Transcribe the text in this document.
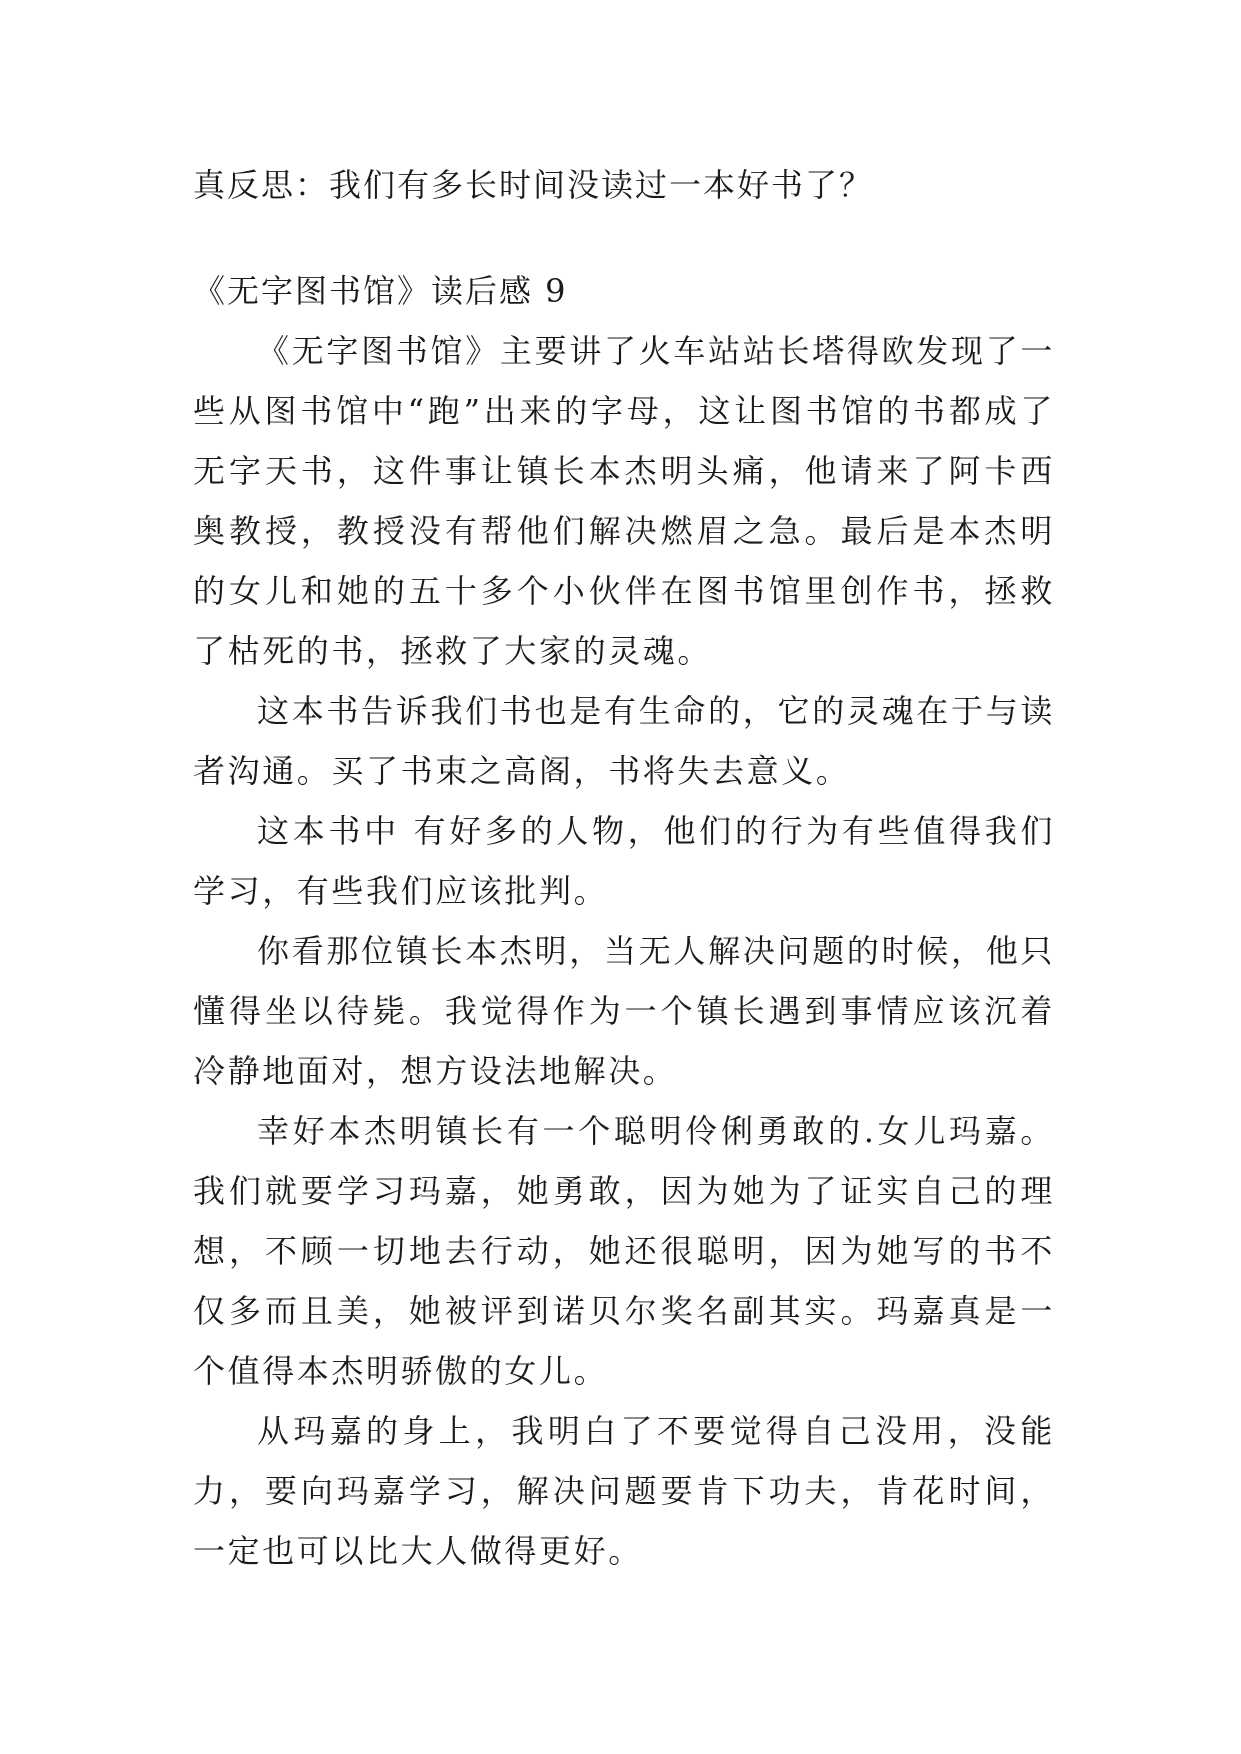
真反思：我们有多长时间没读过一本好书了？
《无字图书馆》读后感 9

《无字图书馆》主要讲了火车站站长塔得欧发现了一些从图书馆中“跑”出来的字母，这让图书馆的书都成了无字天书，这件事让镇长本杰明头痛，他请来了阿卡西奥教授，教授没有帮他们解决燃眉之急。最后是本杰明的女儿和她的五十多个小伙伴在图书馆里创作书，拯救了枯死的书，拯救了大家的灵魂。

这本书告诉我们书也是有生命的，它的灵魂在于与读者沟通。买了书束之高阁，书将失去意义。

这本书中 有好多的人物，他们的行为有些值得我们学习，有些我们应该批判。

你看那位镇长本杰明，当无人解决问题的时候，他只懂得坐以待毙。我觉得作为一个镇长遇到事情应该沉着冷静地面对，想方设法地解决。

幸好本杰明镇长有一个聪明伶俐勇敢的.女儿玛嘉。我们就要学习玛嘉，她勇敢，因为她为了证实自己的理想，不顾一切地去行动，她还很聪明，因为她写的书不仅多而且美，她被评到诺贝尔奖名副其实。玛嘉真是一个值得本杰明骄傲的女儿。

从玛嘉的身上，我明白了不要觉得自己没用，没能力，要向玛嘉学习，解决问题要肯下功夫，肯花时间，一定也可以比大人做得更好。
